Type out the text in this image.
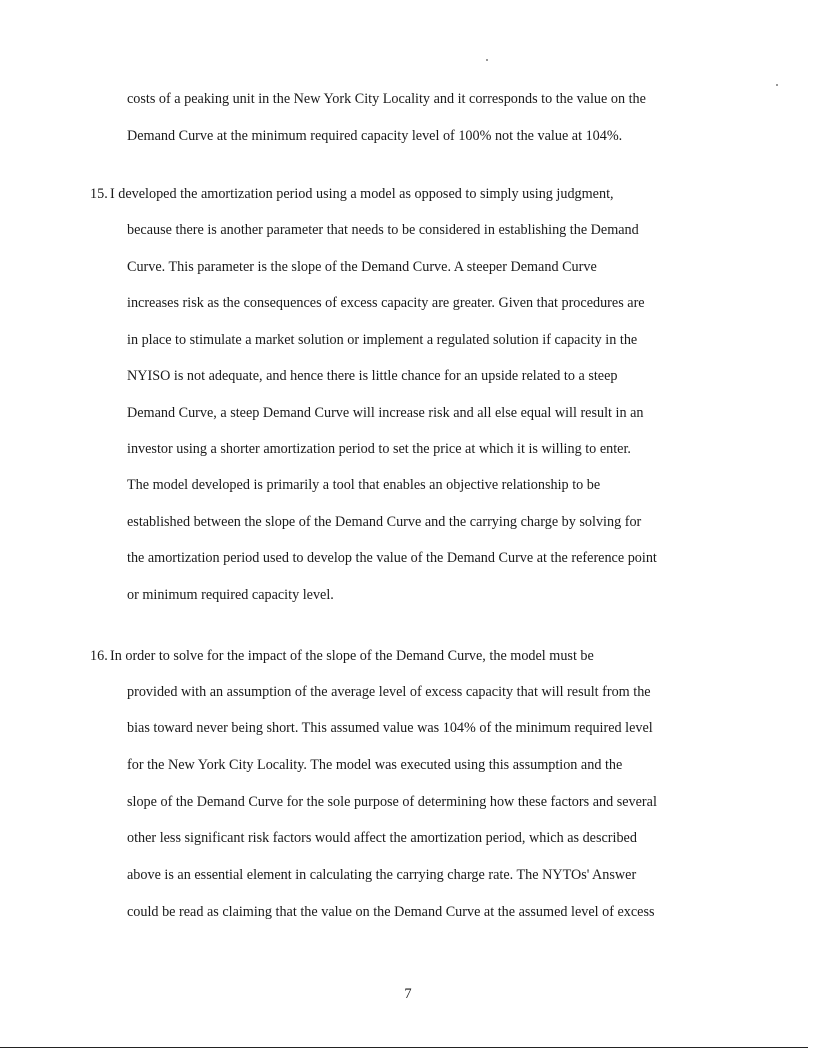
costs of a peaking unit in the New York City Locality and it corresponds to the value on the
Demand Curve at the minimum required capacity level of 100% not the value at 104%.
15. I developed the amortization period using a model as opposed to simply using judgment,
because there is another parameter that needs to be considered in establishing the Demand
Curve. This parameter is the slope of the Demand Curve. A steeper Demand Curve
increases risk as the consequences of excess capacity are greater. Given that procedures are
in place to stimulate a market solution or implement a regulated solution if capacity in the
NYISO is not adequate, and hence there is little chance for an upside related to a steep
Demand Curve, a steep Demand Curve will increase risk and all else equal will result in an
investor using a shorter amortization period to set the price at which it is willing to enter.
The model developed is primarily a tool that enables an objective relationship to be
established between the slope of the Demand Curve and the carrying charge by solving for
the amortization period used to develop the value of the Demand Curve at the reference point
or minimum required capacity level.
16. In order to solve for the impact of the slope of the Demand Curve, the model must be
provided with an assumption of the average level of excess capacity that will result from the
bias toward never being short. This assumed value was 104% of the minimum required level
for the New York City Locality. The model was executed using this assumption and the
slope of the Demand Curve for the sole purpose of determining how these factors and several
other less significant risk factors would affect the amortization period, which as described
above is an essential element in calculating the carrying charge rate. The NYTOs' Answer
could be read as claiming that the value on the Demand Curve at the assumed level of excess
7
